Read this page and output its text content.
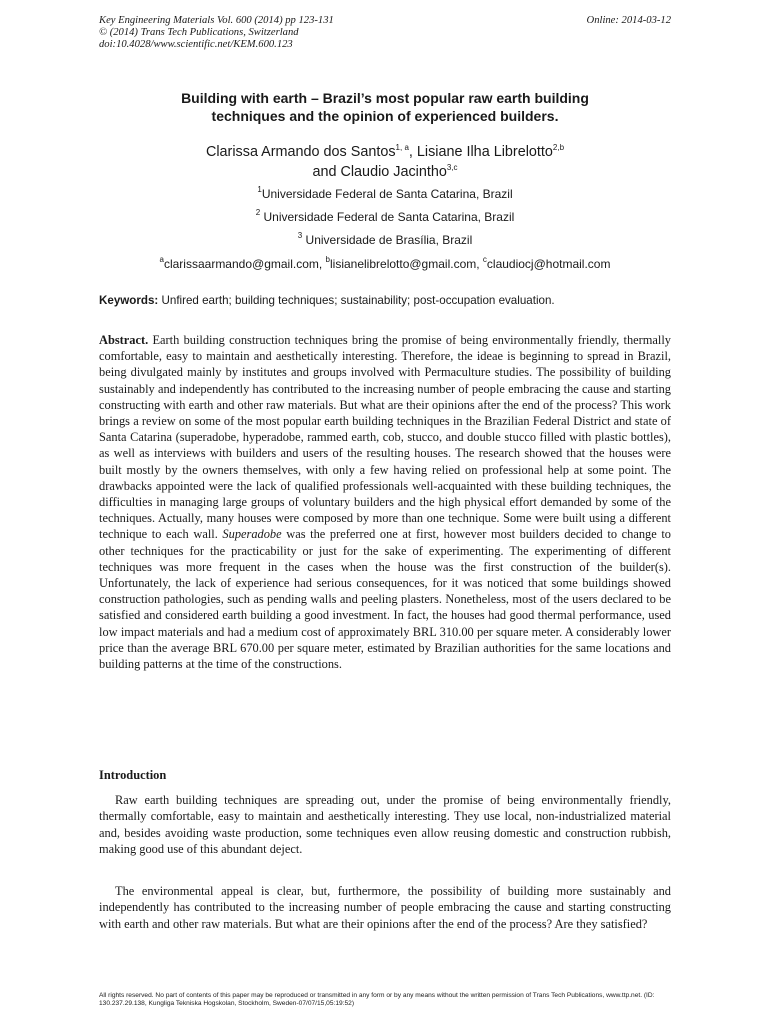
Key Engineering Materials Vol. 600 (2014) pp 123-131
© (2014) Trans Tech Publications, Switzerland
doi:10.4028/www.scientific.net/KEM.600.123
Online: 2014-03-12
Building with earth – Brazil’s most popular raw earth building
techniques and the opinion of experienced builders.
Clarissa Armando dos Santos$^{1, a}$, Lisiane Ilha Librelotto$^{2,b}$
and Claudio Jacintho$^{3,c}$
$^1$Universidade Federal de Santa Catarina, Brazil
$^2$ Universidade Federal de Santa Catarina, Brazil
$^3$ Universidade de Brasília, Brazil
$^a$clarissaarmando@gmail.com, $^b$lisianelibrelotto@gmail.com, $^c$claudiocj@hotmail.com
Keywords: Unfired earth; building techniques; sustainability; post-occupation evaluation.
Abstract. Earth building construction techniques bring the promise of being environmentally friendly, thermally comfortable, easy to maintain and aesthetically interesting. Therefore, the ideae is beginning to spread in Brazil, being divulgated mainly by institutes and groups involved with Permaculture studies. The possibility of building sustainably and independently has contributed to the increasing number of people embracing the cause and starting constructing with earth and other raw materials. But what are their opinions after the end of the process? This work brings a review on some of the most popular earth building techniques in the Brazilian Federal District and state of Santa Catarina (superadobe, hyperadobe, rammed earth, cob, stucco, and double stucco filled with plastic bottles), as well as interviews with builders and users of the resulting houses. The research showed that the houses were built mostly by the owners themselves, with only a few having relied on professional help at some point. The drawbacks appointed were the lack of qualified professionals well-acquainted with these building techniques, the difficulties in managing large groups of voluntary builders and the high physical effort demanded by some of the techniques. Actually, many houses were composed by more than one technique. Some were built using a different technique to each wall. Superadobe was the preferred one at first, however most builders decided to change to other techniques for the practicability or just for the sake of experimenting. The experimenting of different techniques was more frequent in the cases when the house was the first construction of the builder(s). Unfortunately, the lack of experience had serious consequences, for it was noticed that some buildings showed construction pathologies, such as pending walls and peeling plasters. Nonetheless, most of the users declared to be satisfied and considered earth building a good investment. In fact, the houses had good thermal performance, used low impact materials and had a medium cost of approximately BRL 310.00 per square meter. A considerably lower price than the average BRL 670.00 per square meter, estimated by Brazilian authorities for the same locations and building patterns at the time of the constructions.
Introduction
Raw earth building techniques are spreading out, under the promise of being environmentally friendly, thermally comfortable, easy to maintain and aesthetically interesting. They use local, non-industrialized material and, besides avoiding waste production, some techniques even allow reusing domestic and construction rubbish, making good use of this abundant deject.
The environmental appeal is clear, but, furthermore, the possibility of building more sustainably and independently has contributed to the increasing number of people embracing the cause and starting constructing with earth and other raw materials. But what are their opinions after the end of the process? Are they satisfied?
All rights reserved. No part of contents of this paper may be reproduced or transmitted in any form or by any means without the written permission of Trans Tech Publications, www.ttp.net. (ID: 130.237.29.138, Kungliga Tekniska Hogskolan, Stockholm, Sweden-07/07/15,05:19:52)
